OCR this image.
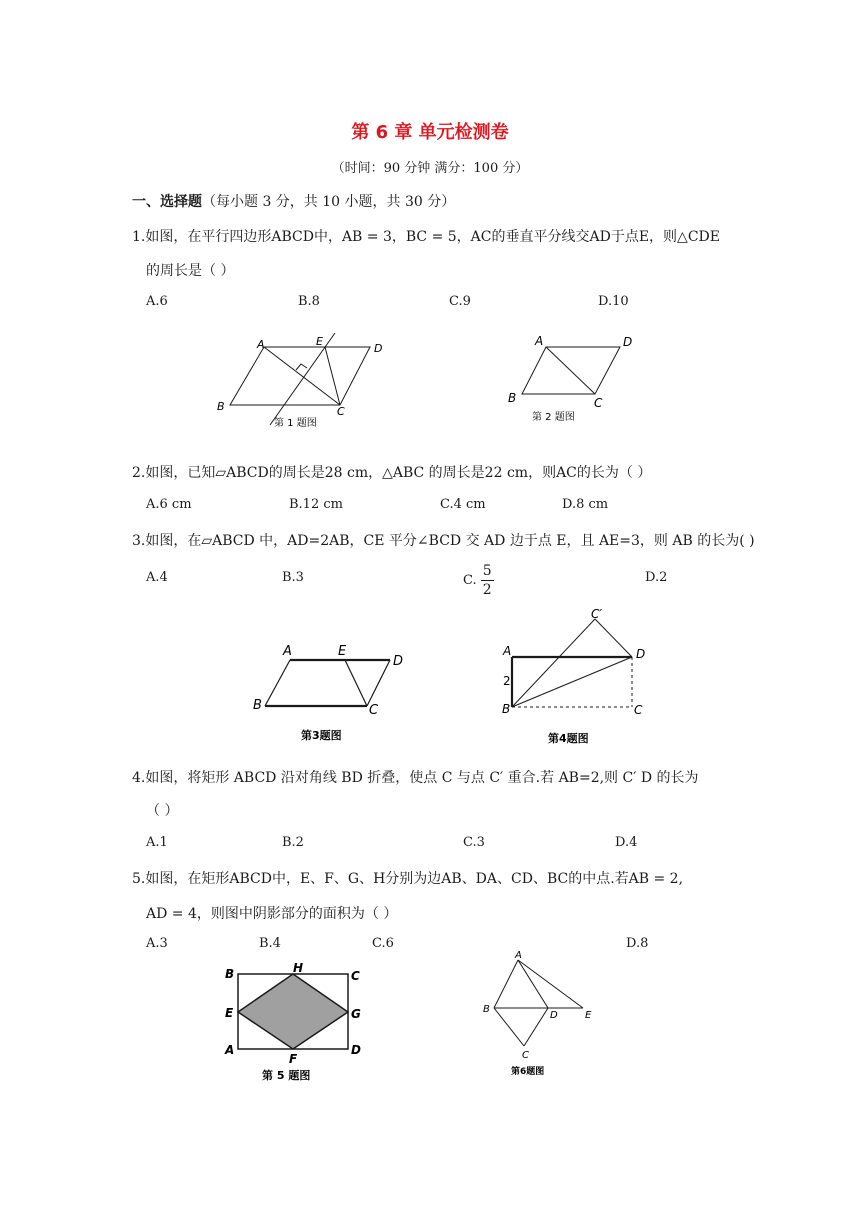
第 6 章 单元检测卷
（时间：90 分钟 满分：100 分）
一、选择题（每小题 3 分，共 10 小题，共 30 分）
1.如图，在平行四边形ABCD中，AB = 3，BC = 5，AC的垂直平分线交AD于点E，则△CDE
的周长是（ ）
A.6	B.8	C.9	D.10
A	E
D
B	C
第 1 题图
A	D
B	C
第 2 题图
2.如图，已知▱ABCD的周长是28 cm，△ABC 的周长是22 cm，则AC的长为（ ）
A.6 cm	B.12 cm	C.4 cm	D.8 cm
3.如图，在▱ABCD 中，AD=2AB，CE 平分∠BCD 交 AD 边于点 E，且 AE=3，则 AB 的长为( )
A.4	B.3	C. $\frac{5}{2}$	D.2
A	E
D
B	C
第3题图
C′
A	D
2
B	C
第4题图
4.如图，将矩形 ABCD 沿对角线 BD 折叠，使点 C 与点 C′ 重合.若 AB=2,则 C′ D 的长为
（ ）
A.1	B.2	C.3	D.4
5.如图，在矩形ABCD中，E、F、G、H分别为边AB、DA、CD、BC的中点.若AB = 2,
AD = 4，则图中阴影部分的面积为（ ）
A.3	B.4	C.6	D.8
B	H
C
E	G
A
F
D
第 5 题图
A
B
D	E
C
第6题图
